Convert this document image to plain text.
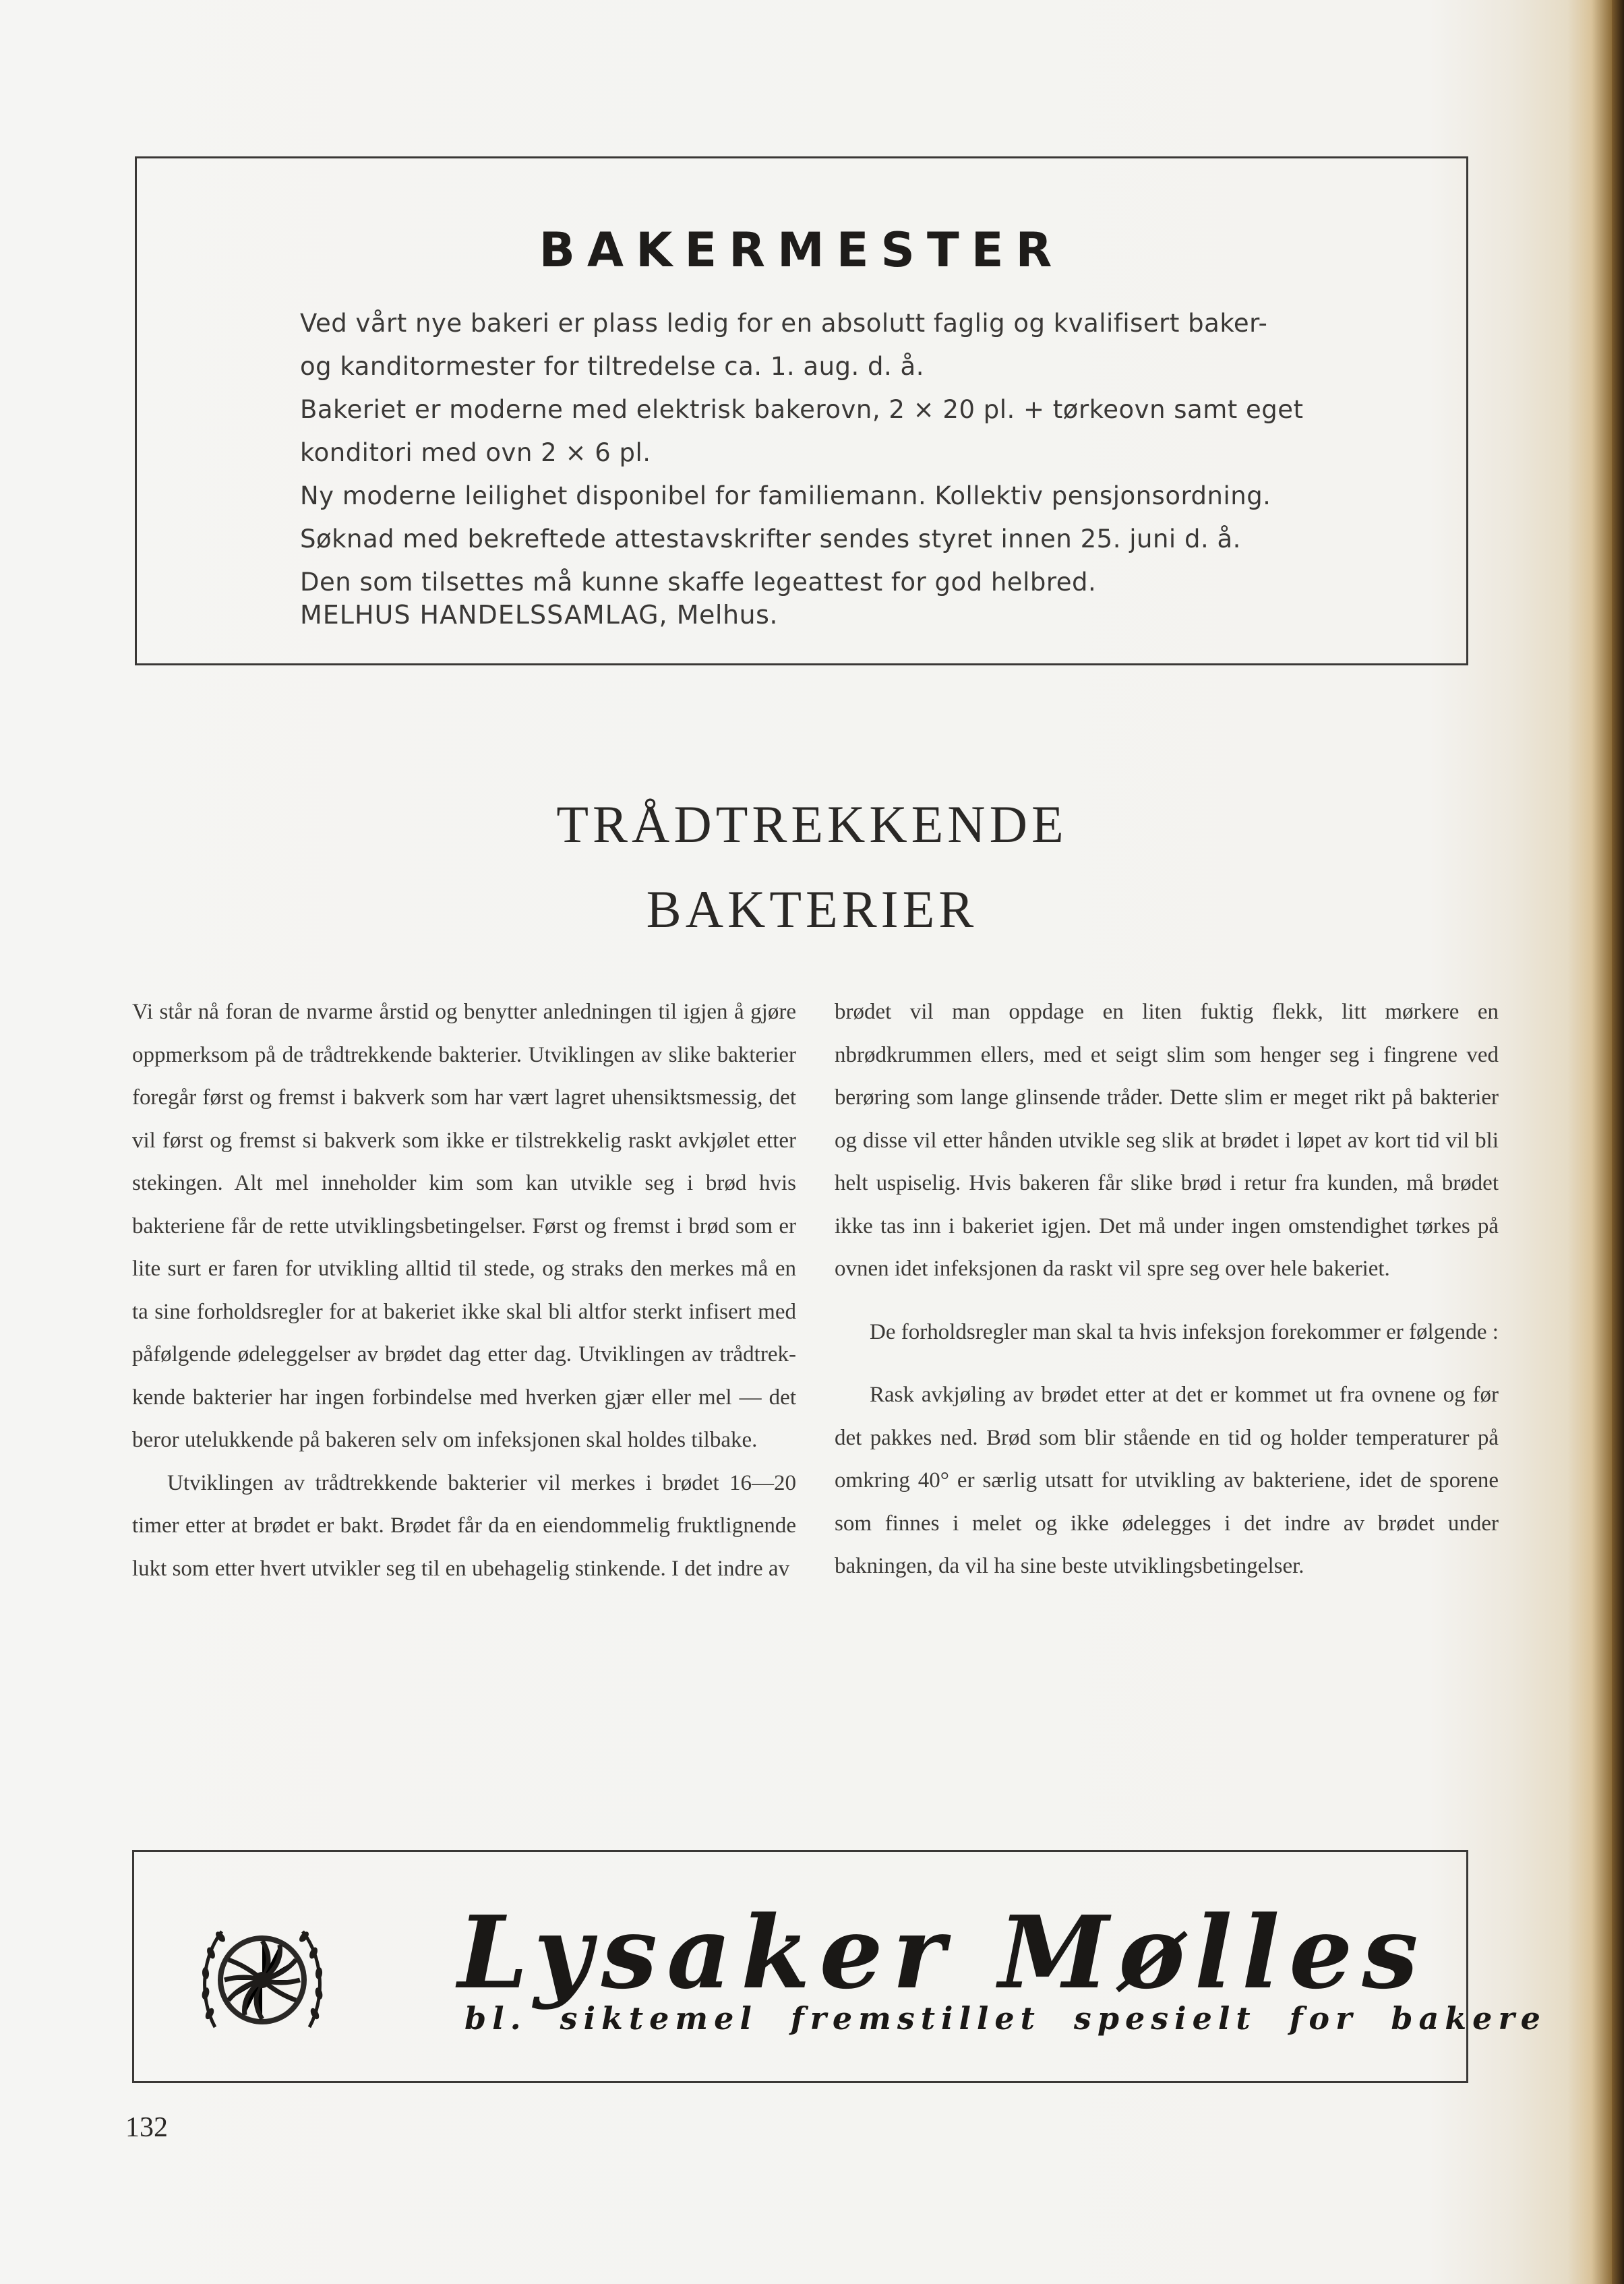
BAKERMESTER
Ved vårt nye bakeri er plass ledig for en absolutt faglig og kvalifisert baker-
og kanditormester for tiltredelse ca. 1. aug. d. å.
Bakeriet er moderne med elektrisk bakerovn, 2 × 20 pl. + tørkeovn samt eget
konditori med ovn 2 × 6 pl.
Ny moderne leilighet disponibel for familiemann. Kollektiv pensjonsordning.
Søknad med bekreftede attestavskrifter sendes styret innen 25. juni d. å.
Den som tilsettes må kunne skaffe legeattest for god helbred.
MELHUS HANDELSSAMLAG, Melhus.
TRÅDTREKKENDE
BAKTERIER

Vi står nå foran de nvarme årstid og benytter anledningen til igjen å gjøre oppmerksom på de trådtrekkende bakterier. Utviklingen av slike bakterier foregår først og fremst i bakverk som har vært lagret uhensiktsmessig, det vil først og fremst si bakverk som ikke er tilstrekkelig raskt avkjølet etter stekingen. Alt mel inneholder kim som kan utvikle seg i brød hvis bakteriene får de rette utviklingsbetingelser. Først og fremst i brød som er lite surt er faren for utvikling alltid til stede, og straks den merkes må en ta sine forholdsregler for at bakeriet ikke skal bli altfor sterkt infisert med påfølgende ødeleggelser av brødet dag etter dag. Utviklingen av trådtrekkende bakterier har ingen forbindelse med hverken gjær eller mel — det beror utelukkende på bakeren selv om infeksjonen skal holdes tilbake.

Utviklingen av trådtrekkende bakterier vil merkes i brødet 16—20 timer etter at brødet er bakt. Brødet får da en eiendommelig fruktlignende lukt som etter hvert utvikler seg til en ubehagelig stinkende. I det indre av

brødet vil man oppdage en liten fuktig flekk, litt mørkere en nbrødkrummen ellers, med et seigt slim som henger seg i fingrene ved berøring som lange glinsende tråder. Dette slim er meget rikt på bakterier og disse vil etter hånden utvikle seg slik at brødet i løpet av kort tid vil bli helt uspiselig. Hvis bakeren får slike brød i retur fra kunden, må brødet ikke tas inn i bakeriet igjen. Det må under ingen omstendighet tørkes på ovnen idet infeksjonen da raskt vil spre seg over hele bakeriet.

De forholdsregler man skal ta hvis infeksjon forekommer er følgende :

Rask avkjøling av brødet etter at det er kommet ut fra ovnene og før det pakkes ned. Brød som blir stående en tid og holder temperaturer på omkring 40° er særlig utsatt for utvikling av bakteriene, idet de sporene som finnes i melet og ikke ødelegges i det indre av brødet under bakningen, da vil ha sine beste utviklingsbetingelser.

Lysaker Mølles
bl. siktemel fremstillet spesielt for bakere
132
